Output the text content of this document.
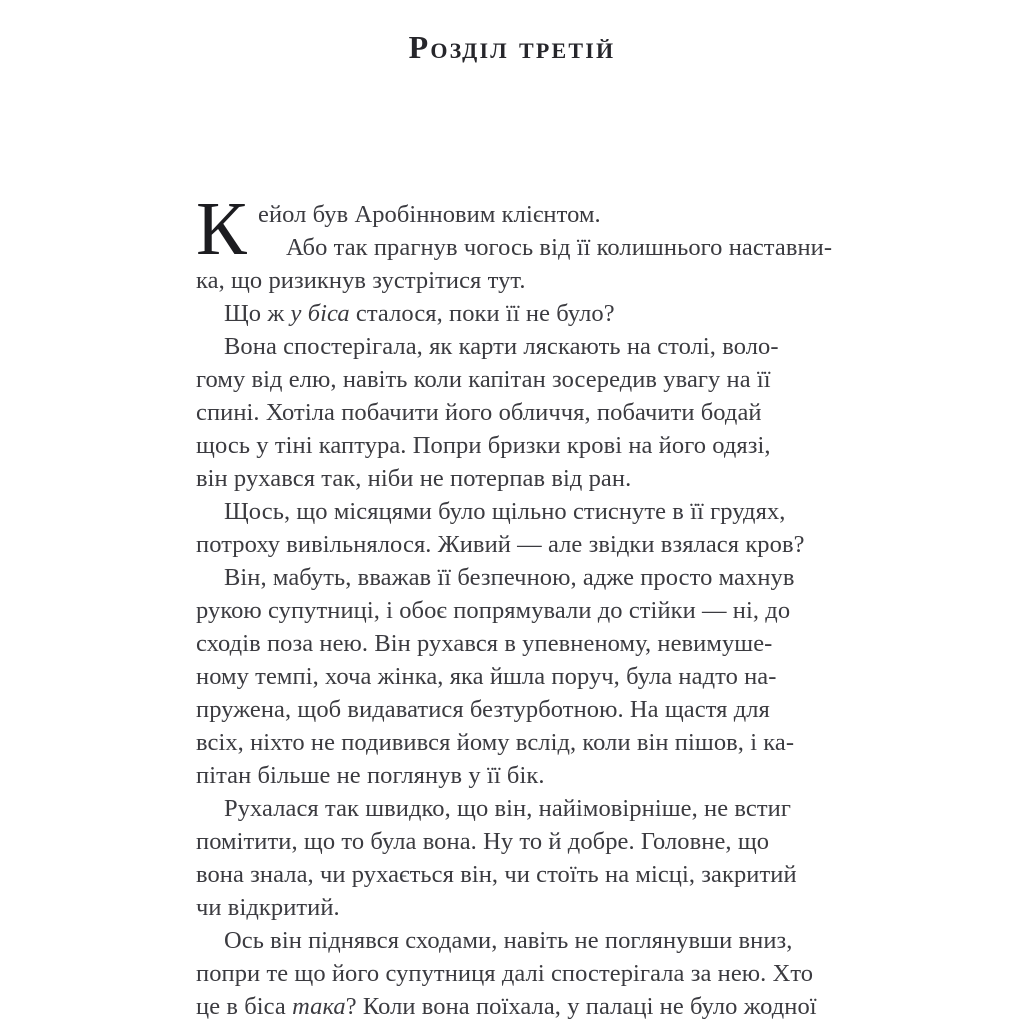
Розділ третій
К ейол був Аробінновим клієнтом.
Або так прагнув чогось від її колишнього наставни-
ка, що ризикнув зустрітися тут.
Що ж у біса сталося, поки її не було?
Вона спостерігала, як карти ляскають на столі, воло-
гому від елю, навіть коли капітан зосередив увагу на її
спині. Хотіла побачити його обличчя, побачити бодай
щось у тіні каптура. Попри бризки крові на його одязі,
він рухався так, ніби не потерпав від ран.
Щось, що місяцями було щільно стиснуте в її грудях,
потроху вивільнялося. Живий — але звідки взялася кров?
Він, мабуть, вважав її безпечною, адже просто махнув
рукою супутниці, і обоє попрямували до стійки — ні, до
сходів поза нею. Він рухався в упевненому, невимуше-
ному темпі, хоча жінка, яка йшла поруч, була надто на-
пружена, щоб видаватися безтурботною. На щастя для
всіх, ніхто не подивився йому вслід, коли він пішов, і ка-
пітан більше не поглянув у її бік.
Рухалася так швидко, що він, найімовірніше, не встиг
помітити, що то була вона. Ну то й добре. Головне, що
вона знала, чи рухається він, чи стоїть на місці, закритий
чи відкритий.
Ось він піднявся сходами, навіть не поглянувши вниз,
попри те що його супутниця далі спостерігала за нею. Хто
це в біса така? Коли вона поїхала, у палаці не було жодної
